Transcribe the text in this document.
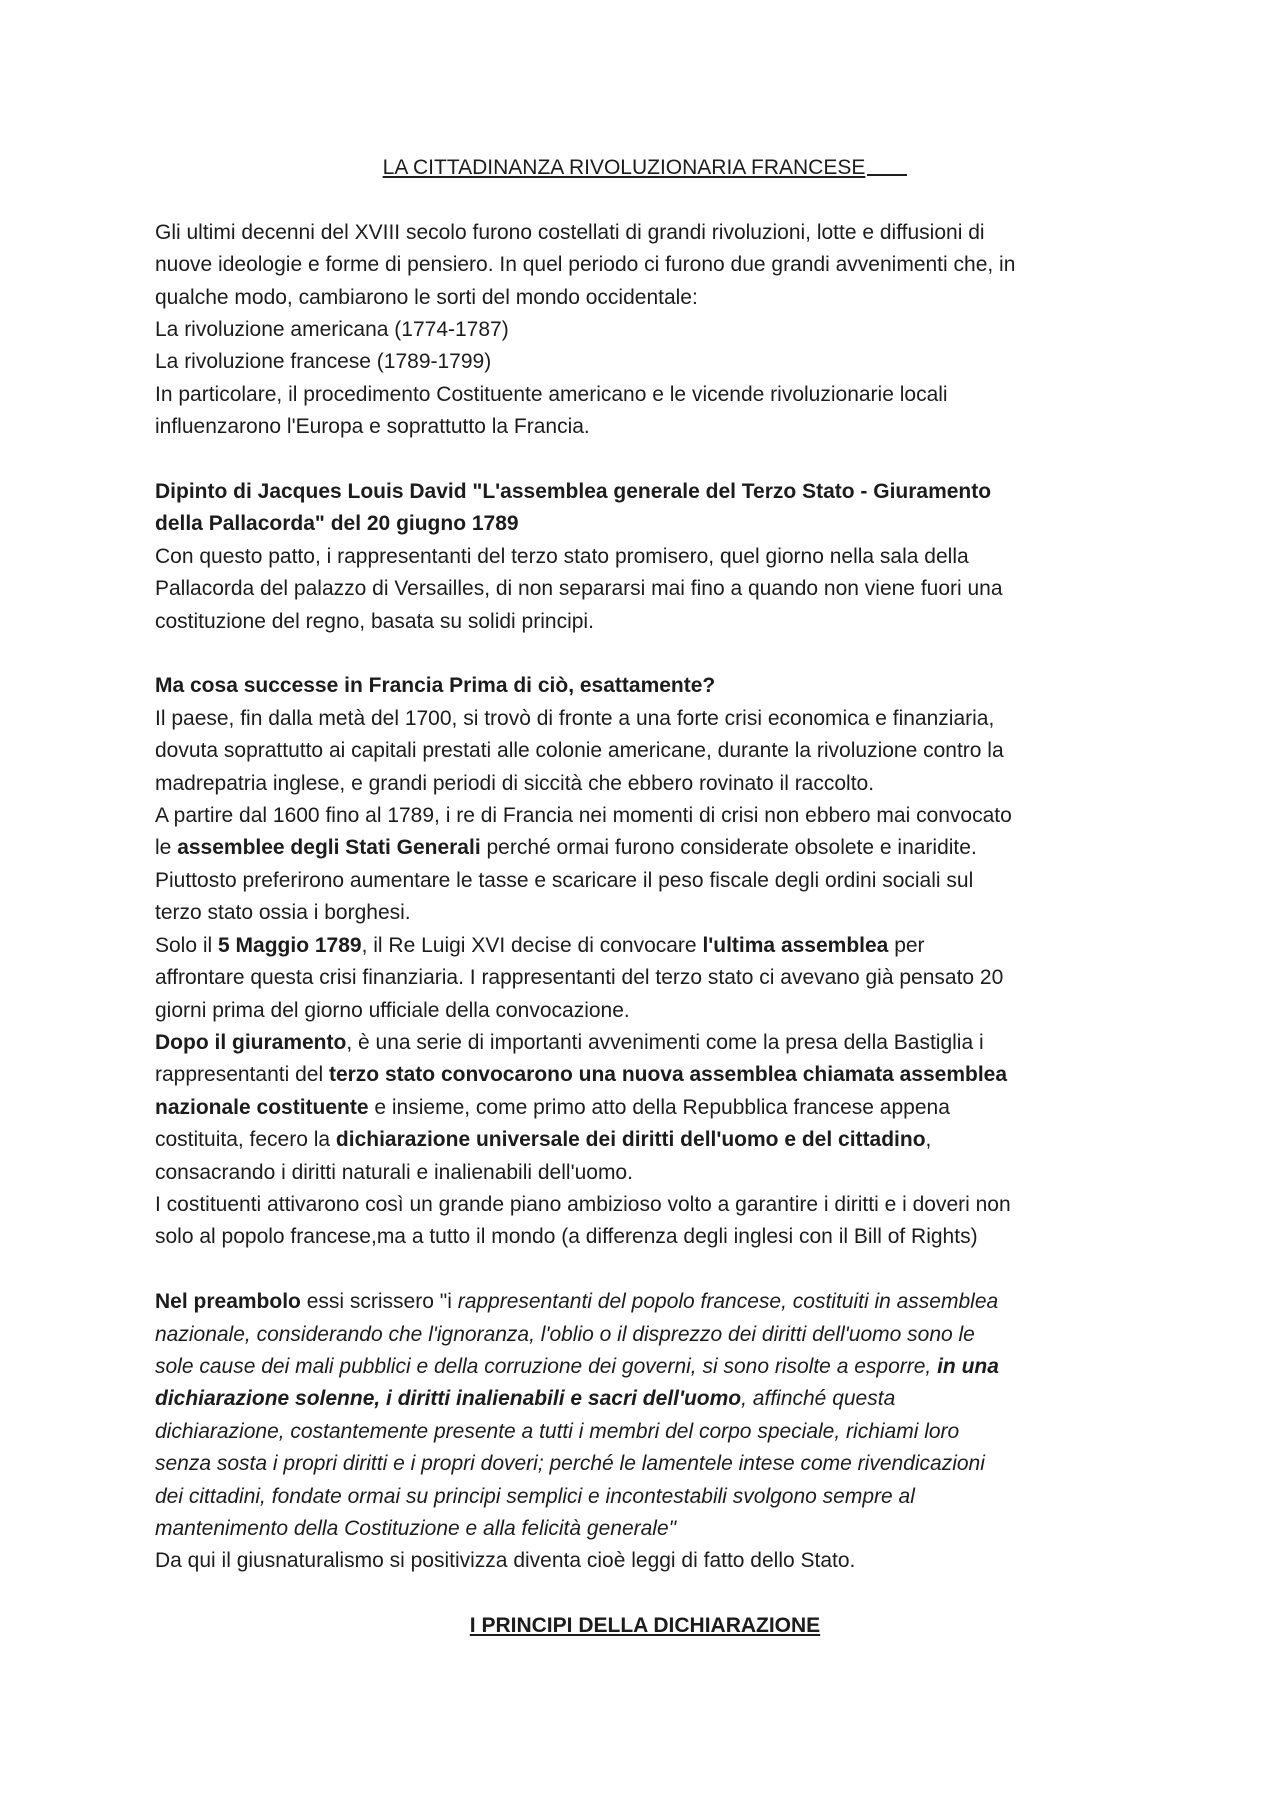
LA CITTADINANZA RIVOLUZIONARIA FRANCESE

Gli ultimi decenni del XVIII secolo furono costellati di grandi rivoluzioni, lotte e diffusioni di
nuove ideologie e forme di pensiero. In quel periodo ci furono due grandi avvenimenti che, in
qualche modo, cambiarono le sorti del mondo occidentale:
La rivoluzione americana (1774-1787)
La rivoluzione francese (1789-1799)
In particolare, il procedimento Costituente americano e le vicende rivoluzionarie locali
influenzarono l'Europa e soprattutto la Francia.

Dipinto di Jacques Louis David "L'assemblea generale del Terzo Stato - Giuramento
della Pallacorda" del 20 giugno 1789
Con questo patto, i rappresentanti del terzo stato promisero, quel giorno nella sala della
Pallacorda del palazzo di Versailles, di non separarsi mai fino a quando non viene fuori una
costituzione del regno, basata su solidi principi.

Ma cosa successe in Francia Prima di ciò, esattamente?
Il paese, fin dalla metà del 1700, si trovò di fronte a una forte crisi economica e finanziaria,
dovuta soprattutto ai capitali prestati alle colonie americane, durante la rivoluzione contro la
madrepatria inglese, e grandi periodi di siccità che ebbero rovinato il raccolto.
A partire dal 1600 fino al 1789, i re di Francia nei momenti di crisi non ebbero mai convocato
le assemblee degli Stati Generali perché ormai furono considerate obsolete e inaridite.
Piuttosto preferirono aumentare le tasse e scaricare il peso fiscale degli ordini sociali sul
terzo stato ossia i borghesi.
Solo il 5 Maggio 1789, il Re Luigi XVI decise di convocare l'ultima assemblea per
affrontare questa crisi finanziaria. I rappresentanti del terzo stato ci avevano già pensato 20
giorni prima del giorno ufficiale della convocazione.
Dopo il giuramento, è una serie di importanti avvenimenti come la presa della Bastiglia i
rappresentanti del terzo stato convocarono una nuova assemblea chiamata assemblea
nazionale costituente e insieme, come primo atto della Repubblica francese appena
costituita, fecero la dichiarazione universale dei diritti dell'uomo e del cittadino,
consacrando i diritti naturali e inalienabili dell'uomo.
I costituenti attivarono così un grande piano ambizioso volto a garantire i diritti e i doveri non
solo al popolo francese,ma a tutto il mondo (a differenza degli inglesi con il Bill of Rights)

Nel preambolo essi scrissero "i rappresentanti del popolo francese, costituiti in assemblea
nazionale, considerando che l'ignoranza, l'oblio o il disprezzo dei diritti dell'uomo sono le
sole cause dei mali pubblici e della corruzione dei governi, si sono risolte a esporre, in una
dichiarazione solenne, i diritti inalienabili e sacri dell'uomo, affinché questa
dichiarazione, costantemente presente a tutti i membri del corpo speciale, richiami loro
senza sosta i propri diritti e i propri doveri; perché le lamentele intese come rivendicazioni
dei cittadini, fondate ormai su principi semplici e incontestabili svolgono sempre al
mantenimento della Costituzione e alla felicità generale"
Da qui il giusnaturalismo si positivizza diventa cioè leggi di fatto dello Stato.

I PRINCIPI DELLA DICHIARAZIONE
